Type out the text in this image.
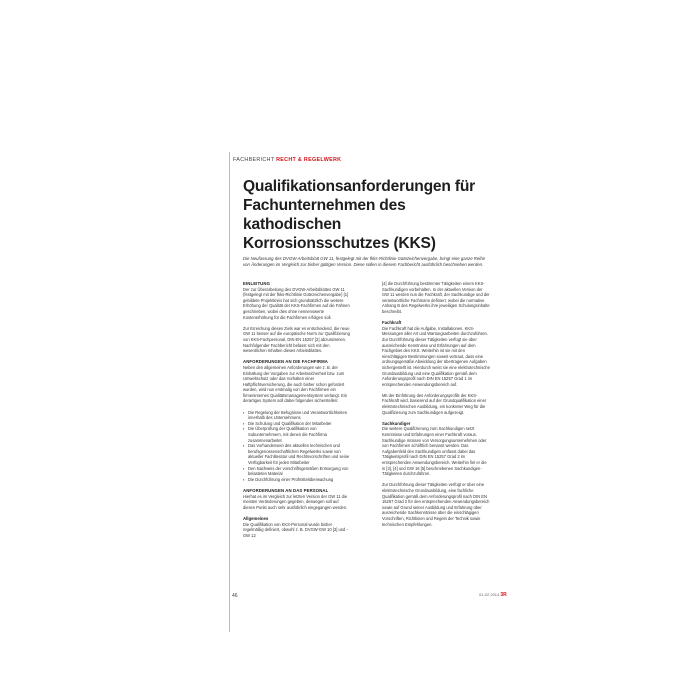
FACHBERICHT RECHT & REGELWERK
Qualifikationsanforderungen für
Fachunternehmen des kathodischen
Korrosionsschutzes (KKS)

Die Neufassung des DVGW-Arbeitsblatt GW 11, festgelegt mit der fkks-Richtlinie Gütezeichenvergabe, bringt eine ganze Reihe von Änderungen im Vergleich zur bisher gültigen Version. Diese sollen in diesem Fachbericht ausführlich beschrieben werden.

EINLEITUNG

Der zur Überarbeitung des DVGW-Arbeitsblattes GW 11 (festgelegt mit der fkks-Richtlinie Gütezeichenvergabe) [1] gebildete Projektkreis hat sich grundsätzlich die weitere Erhöhung der Qualität der KKS-Fachfirmen auf die Fahnen geschrieben, wobei dies ohne nennenswerte Kostenerhöhung für die Fachfirmen erfolgen soll.

Zur Erreichung dieses Ziels war es entscheidend, die neue GW 11 besser auf die europäische Norm zur Qualifizierung von KKS-Fachpersonal, DIN EN 15257 [2] abzustimmen. Nachfolgender Fachbericht befasst sich mit den wesentlichen Inhalten dieses Arbeitsblattes.

ANFORDERUNGEN AN DIE FACHFIRMA

Neben den allgemeinen Anforderungen wie z. B. der Einhaltung der Vorgaben zur Arbeitssicherheit bzw. zum Umweltschutz oder das Vorhalten einer Haftpflichtversicherung, die auch bisher schon gefordert wurden, wird nun erstmalig von den Fachfirmen ein firmeninternes Qualitätsmanagementsystem verlangt. Ein derartiges System soll dabei folgendes sicherstellen:

▪ Die Regelung der Befugnisse und Verantwortlichkeiten innerhalb des Unternehmens
▪ Die Schulung und Qualifikation der Mitarbeiter
▪ Die Überprüfung der Qualifikation von Subunternehmern, mit denen die Fachfirma zusammenarbeitet
▪ Das Vorhandensein des aktuellen technischen und berufsgenossenschaftlichen Regelwerks sowie von aktueller Fachliteratur und Rechtsvorschriften und seine Verfügbarkeit für jeden Mitarbeiter
▪ Den Nachweis der vorschriftsgemäßen Entsorgung von belasteten Material
▪ Die Durchführung einer Prüfmittelüberwachung
ANFORDERUNGEN AN DAS PERSONAL

Hierhat es im Vergleich zur letzten Version der GW 11 die meisten Veränderungen gegeben, deswegen soll auf diesen Punkt auch sehr ausführlich eingegangen werden.

Allgemeines

Die Qualifikation von KKS-Personal wurde bisher regelmäßig definiert, obwohl z. B. DVGW-GW 10 [3] und -GW 12

[4] die Durchführung bestimmter Tätigkeiten einem KKS-Sachkundigen vorbehalten. In der aktuellen Version der GW 11 werden nun die Fachkraft, der Sachkundige und der verantwortliche Fachmann definiert, wobei die normative Anhang B des Regelwerks ihre jeweiligen Schulungsinhalte beschreibt.

Fachkraft

Die Fachkraft hat die Aufgabe, Installationen, KKS-Messungen aller Art und Wartungsarbeiten durchzuführen. Zur Durchführung dieser Tätigkeiten verfügt sie über ausreichende Kenntnisse und Erfahrungen auf dem Fachgebiet des KKS. Weiterhin ist sie mit den einschlägigen Bestimmungen soweit vertraut, dass eine ordnungsgemäße Abwicklung der übertragenen Aufgaben sichergestellt ist. Hierdurch weist sie eine elektrotechnische Grundausbildung und eine Qualifikation gemäß dem Anforderungsprofil nach DIN EN 15257 Grad 1 im entsprechenden Anwendungsbereich auf.

Mit der Einführung des Anforderungsprofils der KKS-Fachkraft wird, basierend auf der Grundqualifikation einer elektrotechnischen Ausbildung, ein konkreter Weg für die Qualifizierung zum Sachkundigen aufgezeigt.

Sachkundiger

Die weitere Qualifizierung zum Sachkundigen setzt Kenntnisse und Erfahrungen einer Fachkraft voraus. Sachkundige müssen von Versorgungsunternehmen oder von Fachfirmen schriftlich benannt werden. Das Aufgabenfeld des Sachkundigen umfasst dabei das Tätigkeitsprofil nach DIN EN 15257 Grad 2 im entsprechenden Anwendungsbereich. Weiterhin fiel er die in [3], [4] und GW 16 [5] beschriebenen Sachkundigen-Tätigkeiten durchzuführen.

Zur Durchführung dieser Tätigkeiten verfügt er über eine elektrotechnische Grundausbildung, eine fachliche Qualifikation gemäß dem Anforderungsprofil nach DIN EN 15257 Grad 2 für den entsprechenden Anwendungsbereich sowie auf Grund seiner Ausbildung und Erfahrung über ausreichende Sachkenntnisse über die einschlägigen Vorschriften, Richtlinien und Regeln der Technik sowie technischen Empfehlungen.

46	01-02 2014 3R
